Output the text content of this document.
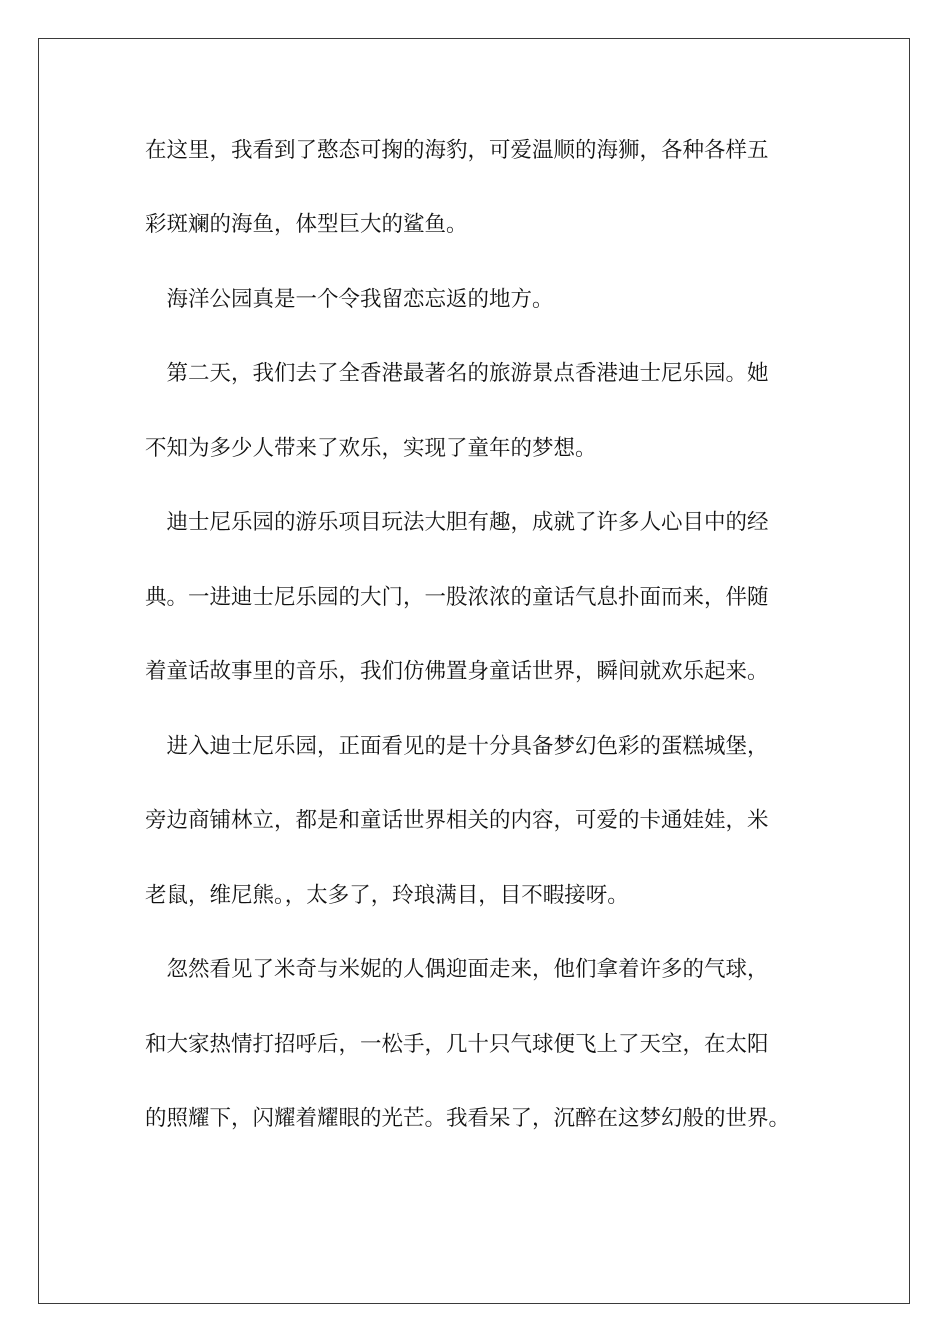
在这里，我看到了憨态可掬的海豹，可爱温顺的海狮，各种各样五
彩斑斓的海鱼，体型巨大的鲨鱼。
　海洋公园真是一个令我留恋忘返的地方。
　第二天，我们去了全香港最著名的旅游景点香港迪士尼乐园。她
不知为多少人带来了欢乐，实现了童年的梦想。
　迪士尼乐园的游乐项目玩法大胆有趣，成就了许多人心目中的经
典。一进迪士尼乐园的大门，一股浓浓的童话气息扑面而来，伴随
着童话故事里的音乐，我们仿佛置身童话世界，瞬间就欢乐起来。
　进入迪士尼乐园，正面看见的是十分具备梦幻色彩的蛋糕城堡，
旁边商铺林立，都是和童话世界相关的内容，可爱的卡通娃娃，米
老鼠，维尼熊。，太多了，玲琅满目，目不暇接呀。
　忽然看见了米奇与米妮的人偶迎面走来，他们拿着许多的气球，
和大家热情打招呼后，一松手，几十只气球便飞上了天空，在太阳
的照耀下，闪耀着耀眼的光芒。我看呆了，沉醉在这梦幻般的世界。
